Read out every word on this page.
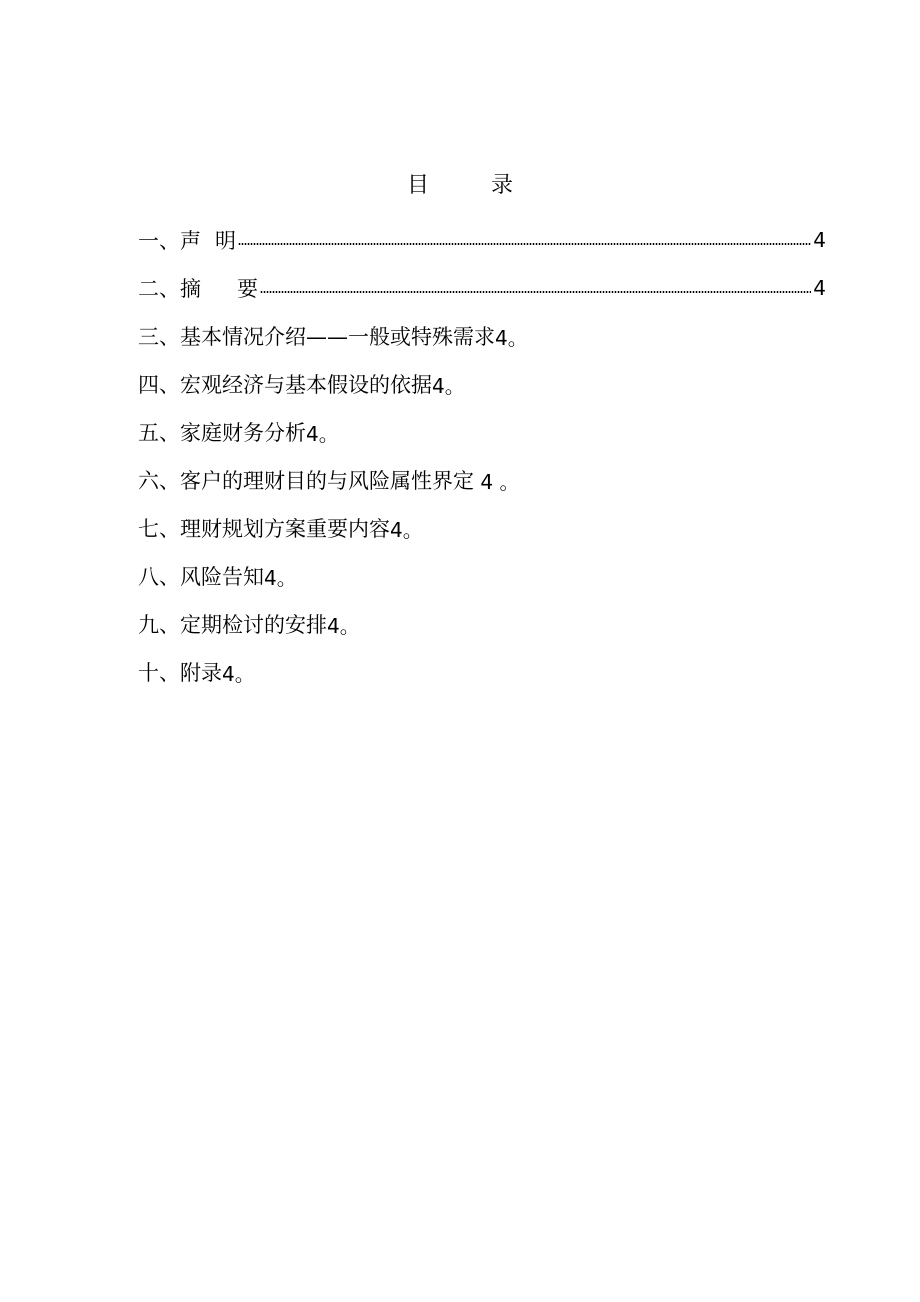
目	录
一、声 明	4
二、摘 要	4
三、基本情况介绍——一般或特殊需求 4。
四、宏观经济与基本假设的依据 4。
五、家庭财务分析 4。
六、客户的理财目的与风险属性界定 4 。
七、理财规划方案重要内容 4。
八、风险告知 4。
九、定期检讨的安排 4。
十、附录 4。
